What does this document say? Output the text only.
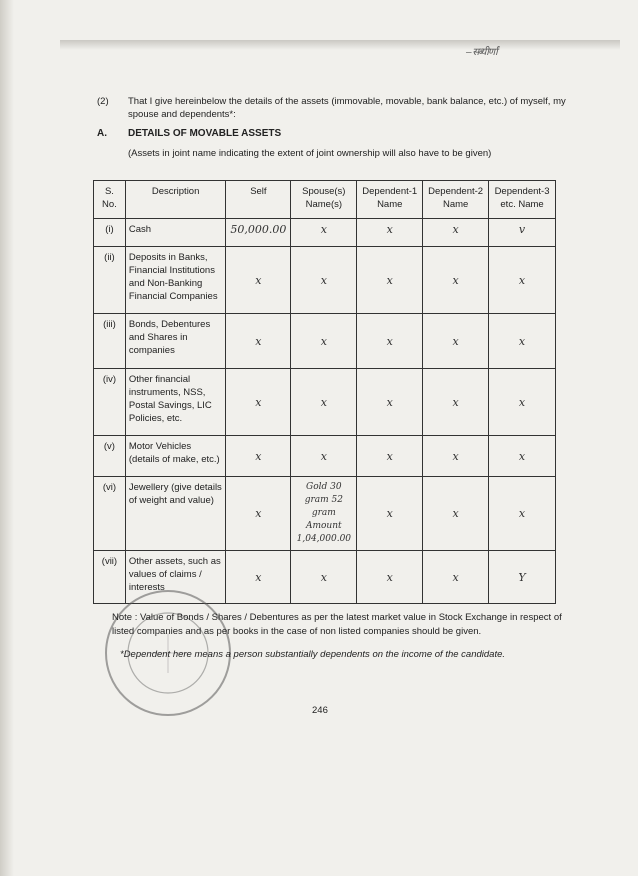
– सब्यीर्णां
(2) That I give hereinbelow the details of the assets (immovable, movable, bank balance, etc.) of myself, my spouse and dependents*:
A. DETAILS OF MOVABLE ASSETS
(Assets in joint name indicating the extent of joint ownership will also have to be given)
S. No.	Description	Self	Spouse(s) Name(s)	Dependent-1 Name	Dependent-2 Name	Dependent-3 etc. Name
(i)	Cash	50,000.00	x	x	x	v
(ii)	Deposits in Banks, Financial Institutions and Non-Banking Financial Companies	x	x	x	x	x
(iii)	Bonds, Debentures and Shares in companies	x	x	x	x	x
(iv)	Other financial instruments, NSS, Postal Savings, LIC Policies, etc.	x	x	x	x	x
(v)	Motor Vehicles (details of make, etc.)	x	x	x	x	x
(vi)	Jewellery (give details of weight and value)	x	Gold 30 gram 52 gram Amount 1,04,000.00	x	x	x
(vii)	Other assets, such as values of claims / interests	x	x	x	x	Y
Note : Value of Bonds / Shares / Debentures as per the latest market value in Stock Exchange in respect of listed companies and as per books in the case of non listed companies should be given.
*Dependent here means a person substantially dependents on the income of the candidate.
246
